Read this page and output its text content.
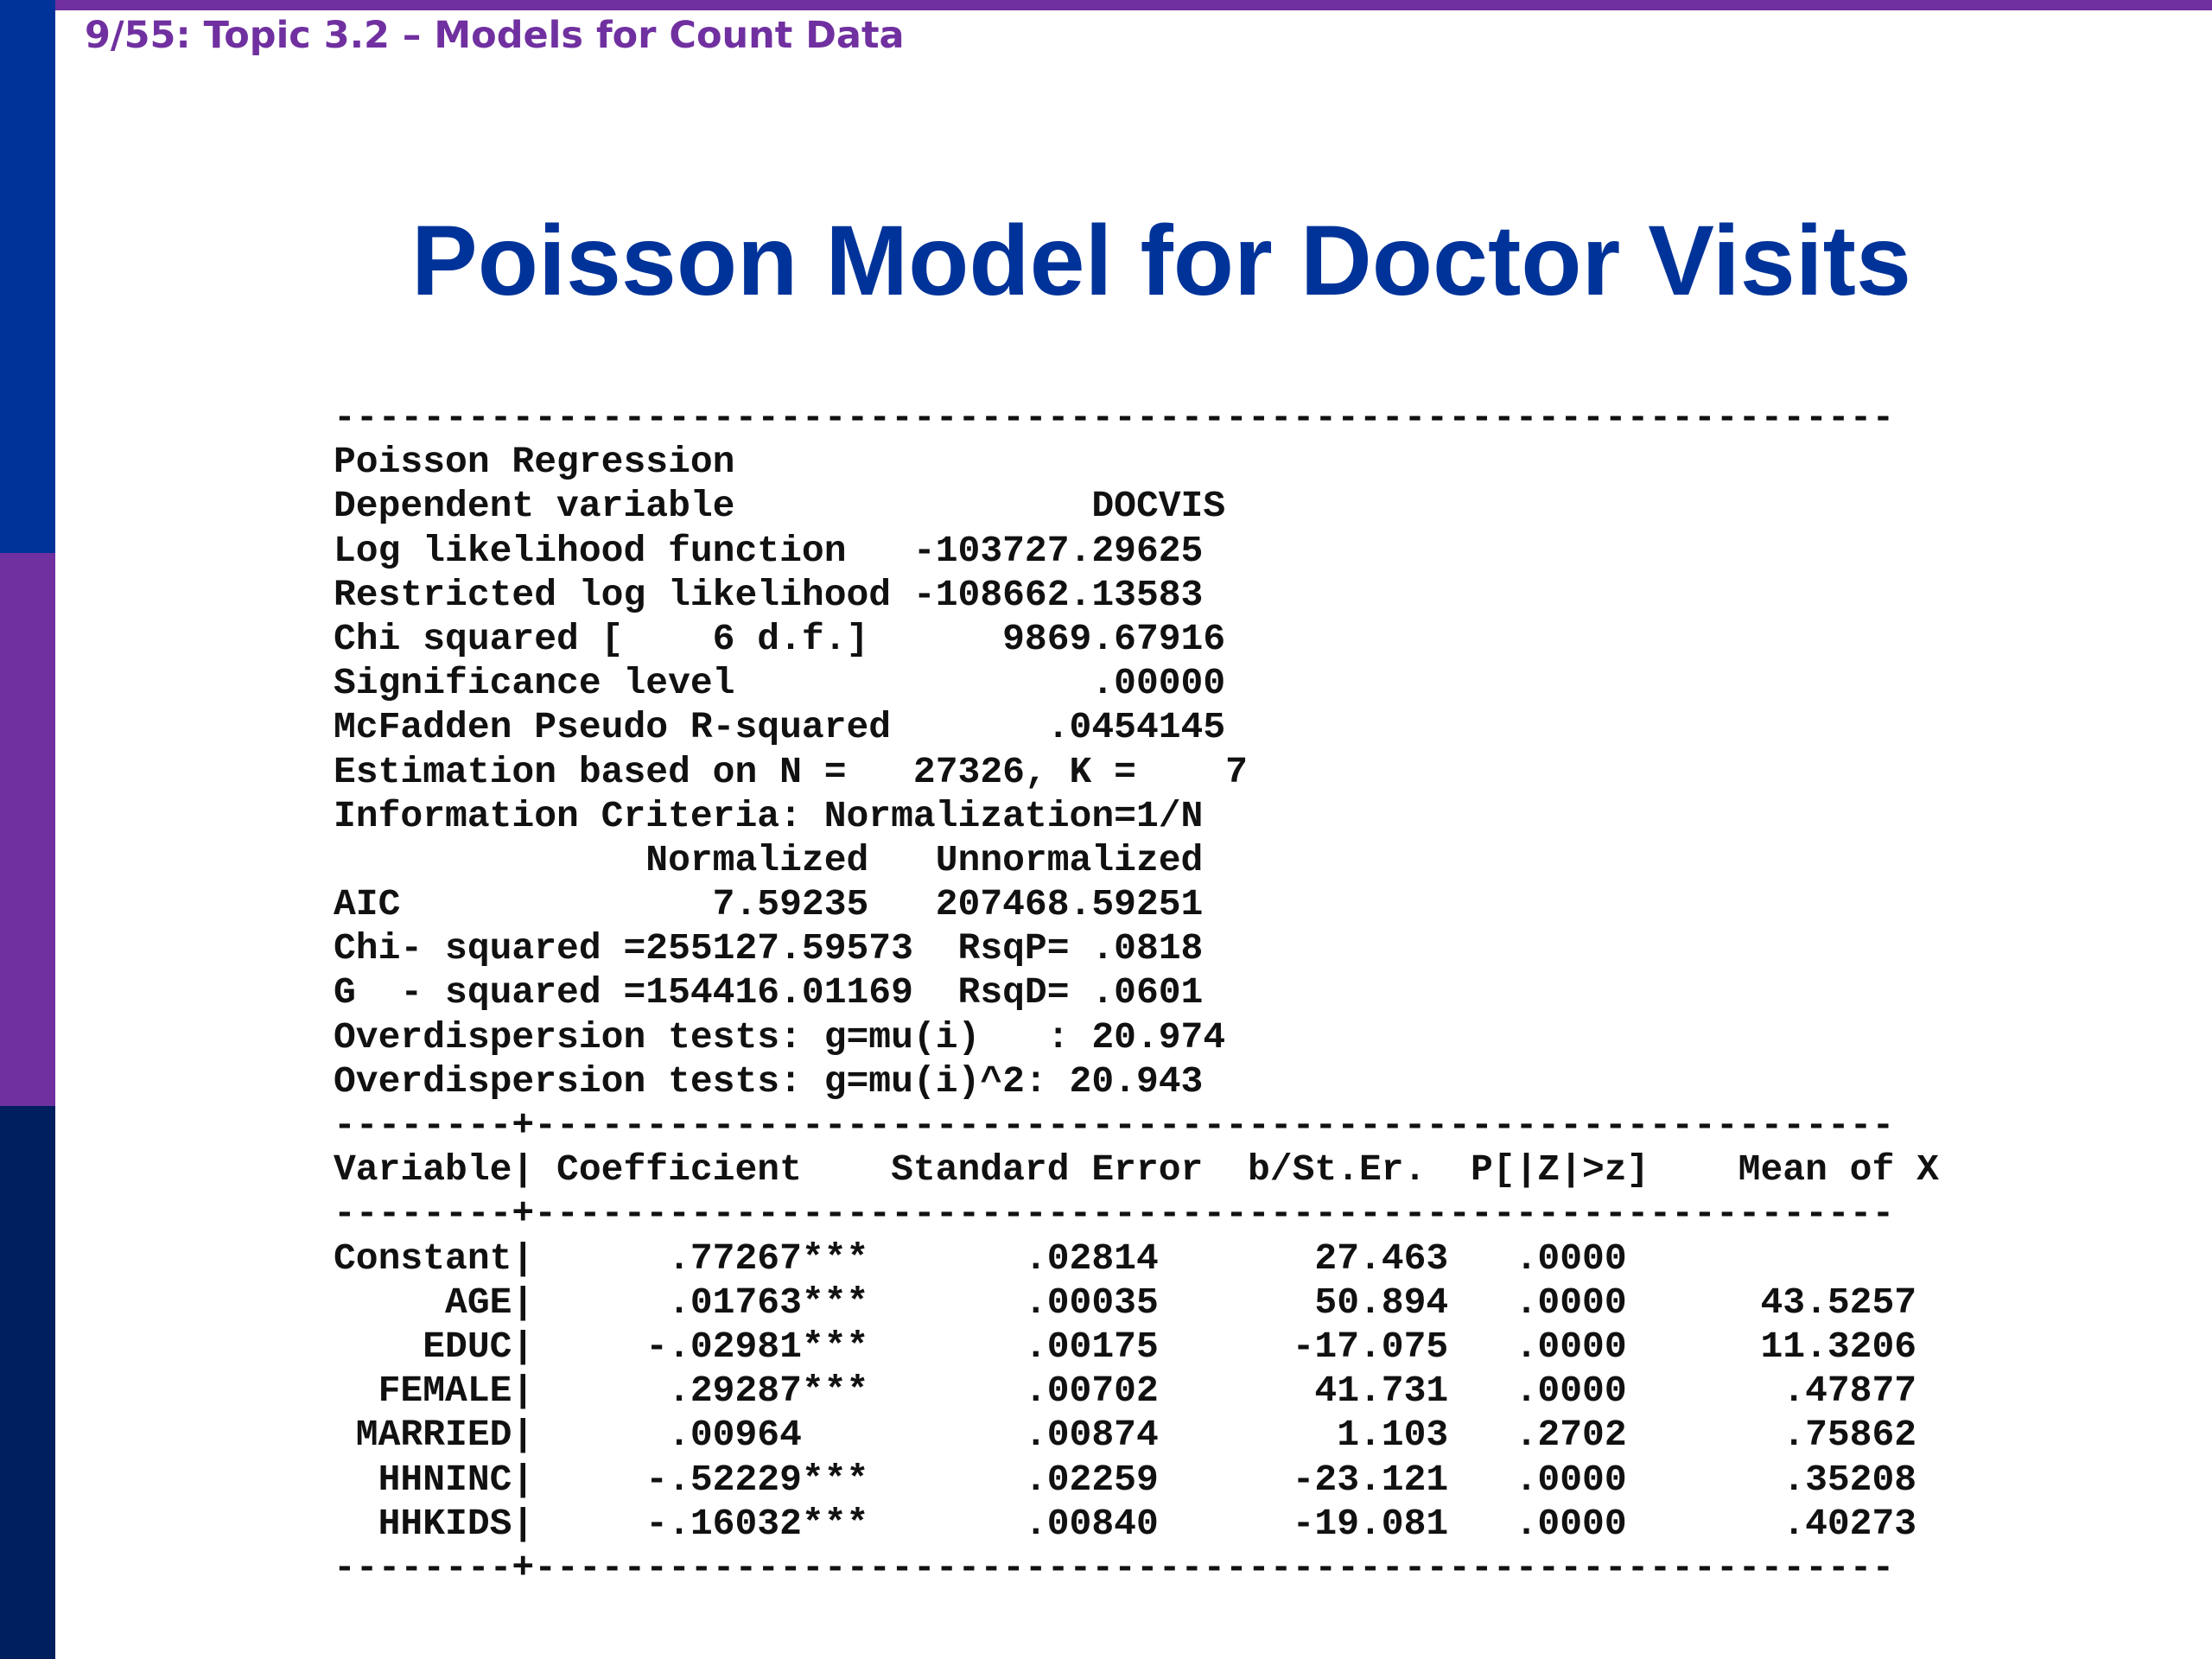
9/55: Topic 3.2 – Models for Count Data
Poisson Model for Doctor Visits
----------------------------------------------------------------------
Poisson Regression
Dependent variable                DOCVIS
Log likelihood function   -103727.29625
Restricted log likelihood -108662.13583
Chi squared [    6 d.f.]      9869.67916
Significance level                .00000
McFadden Pseudo R-squared       .0454145
Estimation based on N =   27326, K =    7
Information Criteria: Normalization=1/N
Normalized   Unnormalized
AIC              7.59235   207468.59251
Chi- squared =255127.59573  RsqP= .0818
G  - squared =154416.01169  RsqD= .0601
Overdispersion tests: g=mu(i)   : 20.974
Overdispersion tests: g=mu(i)^2: 20.943
--------+-------------------------------------------------------------
Variable| Coefficient    Standard Error  b/St.Er.  P[|Z|>z]    Mean of X
--------+-------------------------------------------------------------
Constant|      .77267***       .02814       27.463   .0000
AGE|      .01763***       .00035       50.894   .0000      43.5257
EDUC|     -.02981***       .00175      -17.075   .0000      11.3206
FEMALE|      .29287***       .00702       41.731   .0000       .47877
MARRIED|      .00964          .00874        1.103   .2702       .75862
HHNINC|     -.52229***       .02259      -23.121   .0000       .35208
HHKIDS|     -.16032***       .00840      -19.081   .0000       .40273
--------+-------------------------------------------------------------
